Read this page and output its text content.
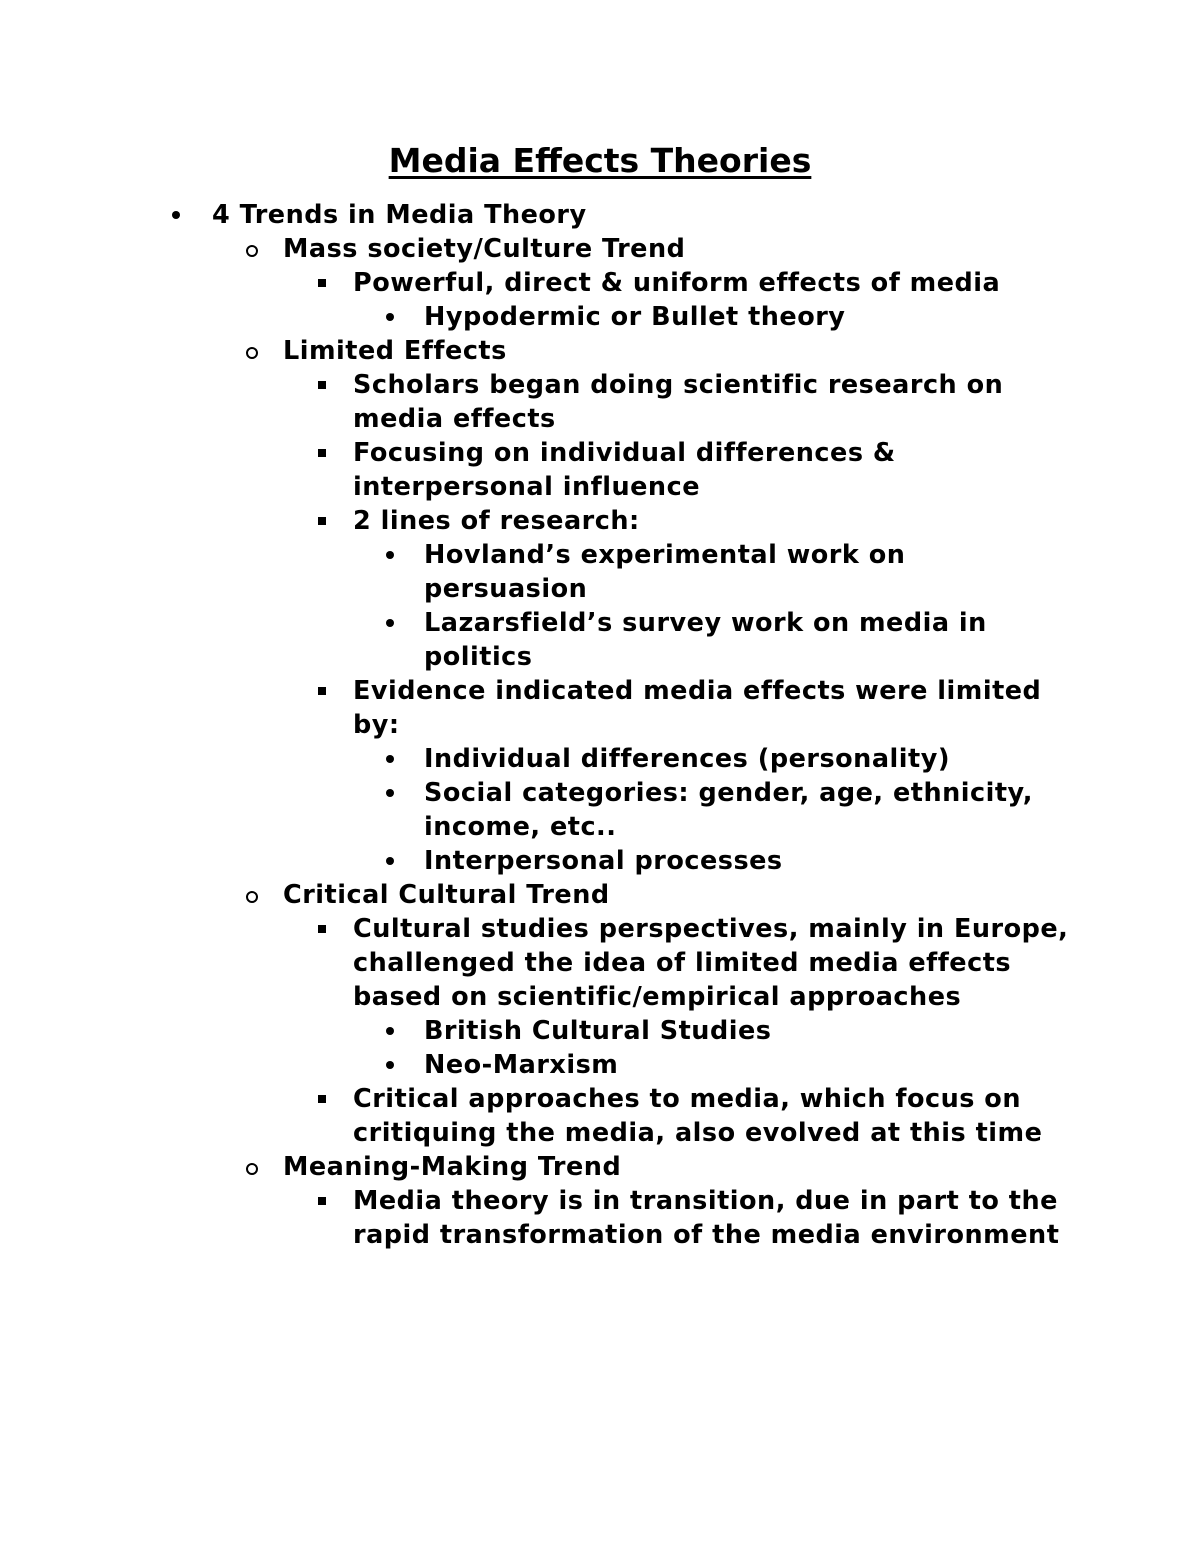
Media Effects Theories
4 Trends in Media Theory
Mass society/Culture Trend
Powerful, direct & uniform effects of media
Hypodermic or Bullet theory
Limited Effects
Scholars began doing scientific research on media effects
Focusing on individual differences & interpersonal influence
2 lines of research:
Hovland’s experimental work on persuasion
Lazarsfield’s survey work on media in politics
Evidence indicated media effects were limited by:
Individual differences (personality)
Social categories: gender, age, ethnicity, income, etc..
Interpersonal processes
Critical Cultural Trend
Cultural studies perspectives, mainly in Europe, challenged the idea of limited media effects based on scientific/empirical approaches
British Cultural Studies
Neo-Marxism
Critical approaches to media, which focus on critiquing the media, also evolved at this time
Meaning-Making Trend
Media theory is in transition, due in part to the rapid transformation of the media environment
